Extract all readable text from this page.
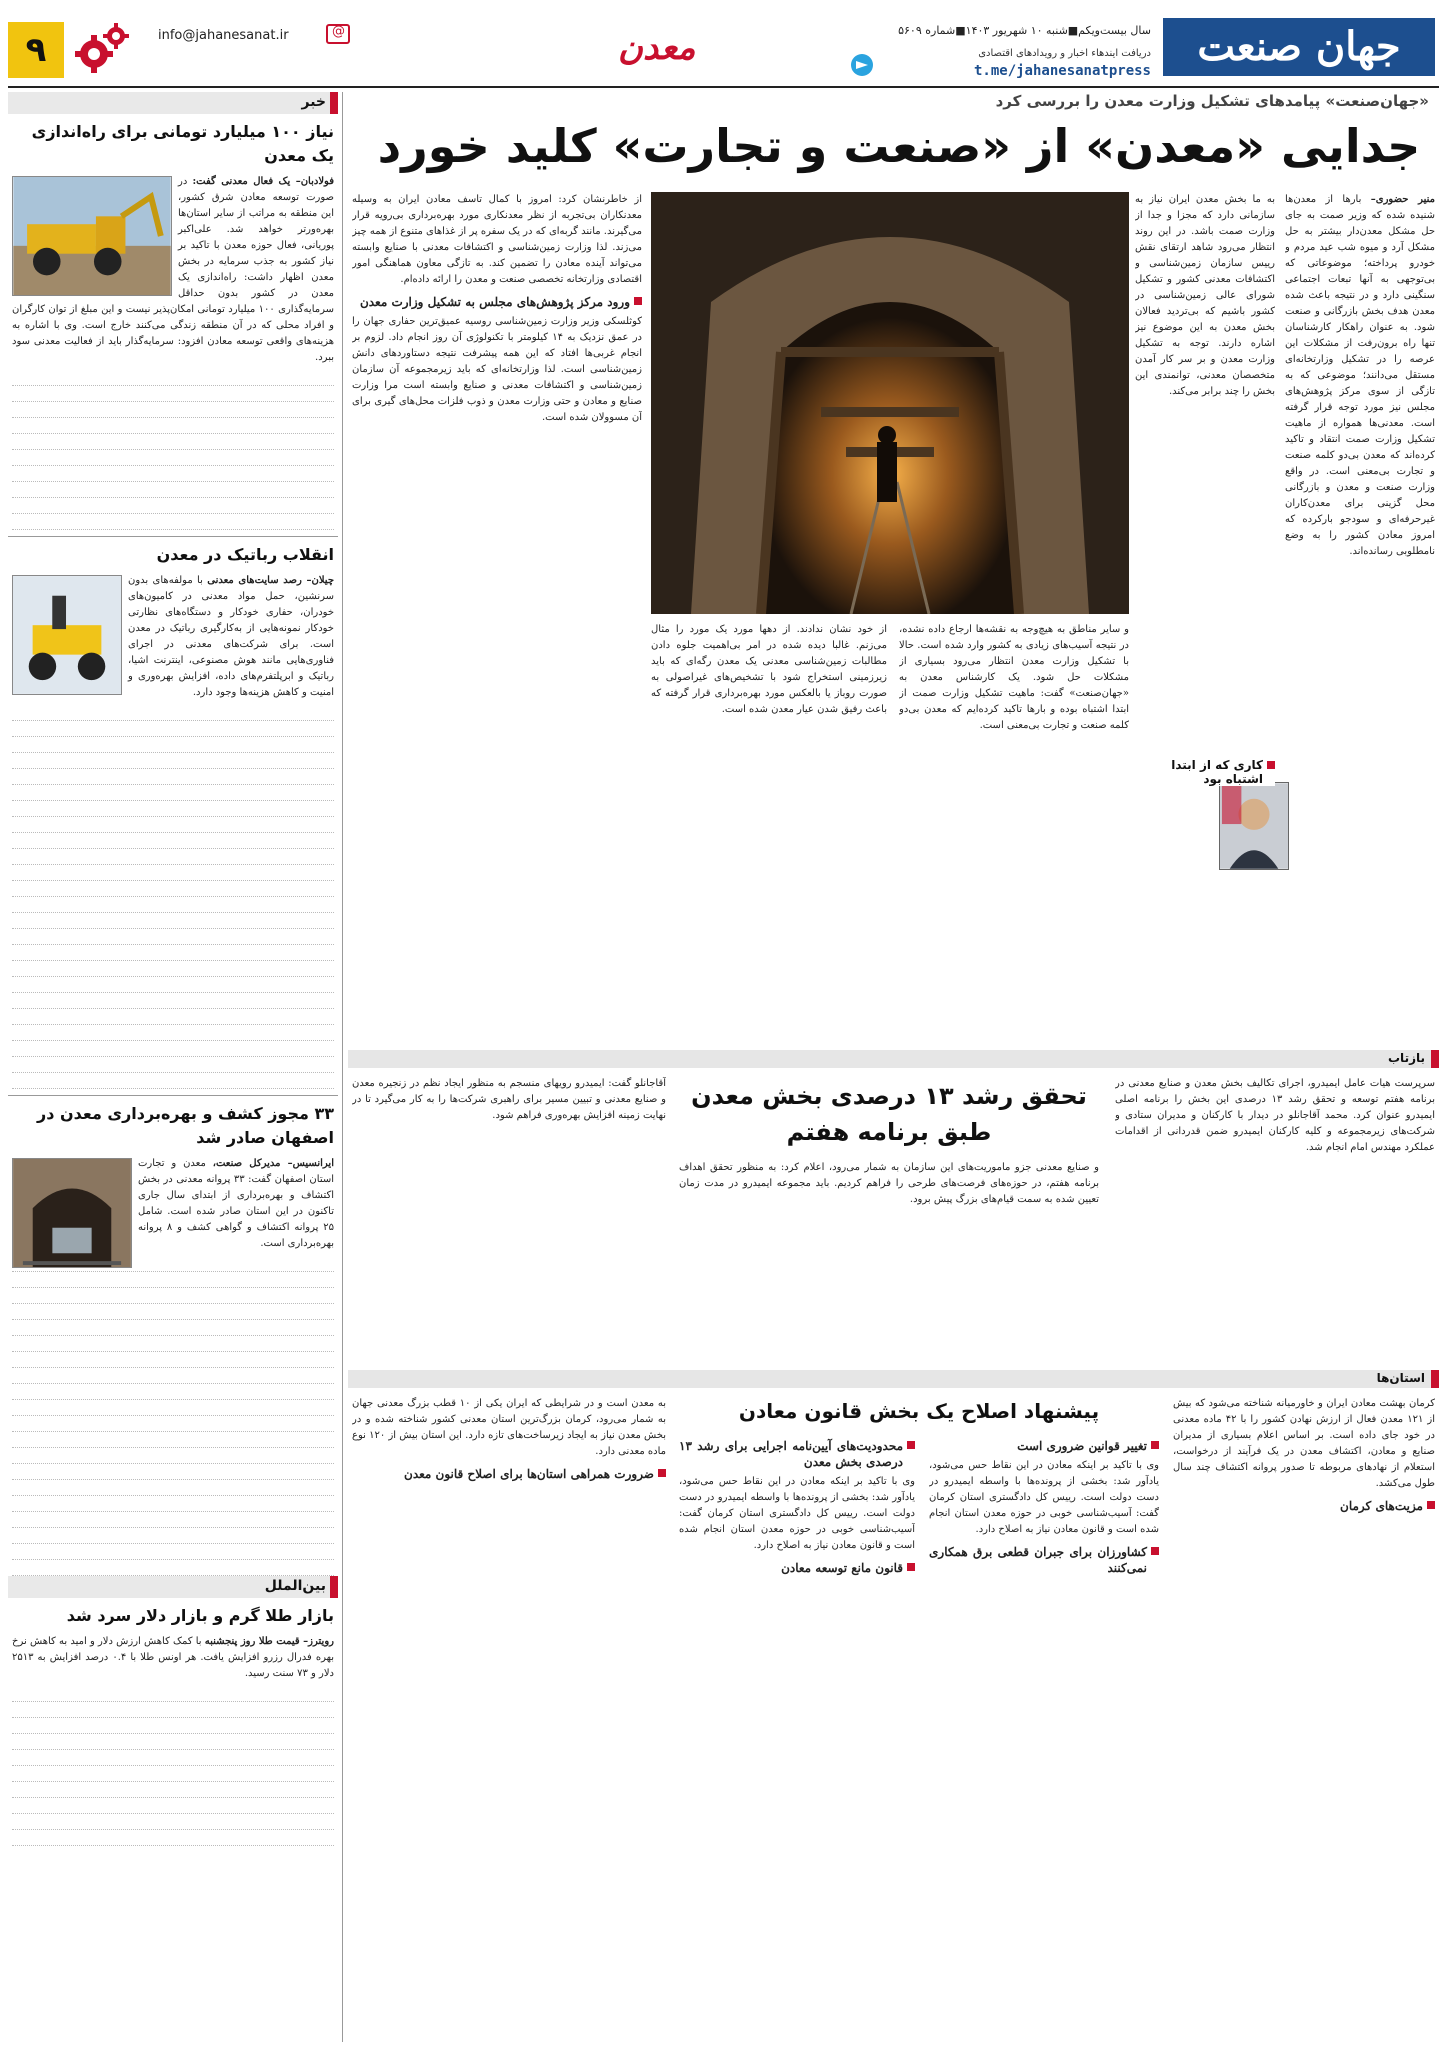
جهان صنعت
سال بیست‌ویکم■شنبه ۱۰ شهریور ۱۴۰۳■شماره ۵۶۰۹
دریافت ایندهاء اخبار و رویدادهای اقتصادی
t.me/jahanesanatpress
معدن
@
info@jahanesanat.ir
۹
خبر
نیاز ۱۰۰ میلیارد تومانی برای راه‌اندازی یک معدن
فولادبان– یک فعال معدنی گفت: در صورت توسعه معادن شرق کشور، این منطقه به مراتب از سایر استان‌ها بهره‌ورتر خواهد شد. علی‌اکبر پوریانی، فعال حوزه معدن با تاکید بر نیاز کشور به جذب سرمایه در بخش معدن اظهار داشت: راه‌اندازی یک معدن در کشور بدون حداقل سرمایه‌گذاری ۱۰۰ میلیارد تومانی امکان‌پذیر نیست و این مبلغ از توان کارگران و افراد محلی که در آن منطقه زندگی می‌کنند خارج است. وی با اشاره به هزینه‌های واقعی توسعه معادن افزود: سرمایه‌گذار باید از فعالیت معدنی سود ببرد.
انقلاب رباتیک در معدن
چیلان– رصد سایت‌های معدنی با مولفه‌های بدون سرنشین، حمل مواد معدنی در کامیون‌های خودران، حفاری خودکار و دستگاه‌های نظارتی خودکار نمونه‌هایی از به‌کارگیری رباتیک در معدن است. برای شرکت‌های معدنی در اجرای فناوری‌هایی مانند هوش مصنوعی، اینترنت اشیا، رباتیک و ابرپلتفرم‌های داده، افزایش بهره‌وری و امنیت و کاهش هزینه‌ها وجود دارد.
۳۳ مجوز کشف و بهره‌برداری معدن در اصفهان صادر شد
ایرانسیس– مدیرکل صنعت، معدن و تجارت استان اصفهان گفت: ۳۳ پروانه معدنی در بخش اکتشاف و بهره‌برداری از ابتدای سال جاری تاکنون در این استان صادر شده است. شامل ۲۵ پروانه اکتشاف و گواهی کشف و ۸ پروانه بهره‌برداری است.
بین‌الملل
بازار طلا گرم و بازار دلار سرد شد
رویترز– قیمت طلا روز پنجشنبه با کمک کاهش ارزش دلار و امید به کاهش نرخ بهره فدرال رزرو افزایش یافت. هر اونس طلا با ۰.۴ درصد افزایش به ۲۵۱۳ دلار و ۷۳ سنت رسید.
«جهان‌صنعت» پیامدهای تشکیل وزارت معدن را بررسی کرد
جدایی «معدن» از «صنعت و تجارت» کلید خورد
منیر حضوری– بارها از معدن‌ها شنیده شده که وزیر صمت به جای حل مشکل معدن‌دار بیشتر به حل مشکل آرد و میوه شب عید مردم و خودرو پرداخته؛ موضوعاتی که بی‌توجهی به آنها تبعات اجتماعی سنگینی دارد و در نتیجه باعث شده معدن هدف بخش بازرگانی و صنعت شود. به عنوان راهکار کارشناسان تنها راه برون‌رفت از مشکلات این عرصه را در تشکیل وزارتخانه‌ای مستقل می‌دانند؛ موضوعی که به تازگی از سوی مرکز پژوهش‌های مجلس نیز مورد توجه قرار گرفته است. معدنی‌ها همواره از ماهیت تشکیل وزارت صمت انتقاد و تاکید کرده‌اند که معدن بی‌دو کلمه صنعت و تجارت بی‌معنی است. در واقع وزارت صنعت و معدن و بازرگانی محل گزینی برای معدن‌کاران غیرحرفه‌ای و سودجو بارکرده که امروز معادن کشور را به وضع نامطلوبی رسانده‌اند.
به ما بخش معدن ایران نیاز به سازمانی دارد که مجزا و جدا از وزارت صمت باشد. در این روند انتظار می‌رود شاهد ارتقای نقش رییس سازمان زمین‌شناسی و اکتشافات معدنی کشور و تشکیل شورای عالی زمین‌شناسی در کشور باشیم که بی‌تردید فعالان بخش معدن به این موضوع نیز اشاره دارند. توجه به تشکیل وزارت معدن و بر سر کار آمدن متخصصان معدنی، توانمندی این بخش را چند برابر می‌کند.
و سایر مناطق به هیچ‌وجه به نقشه‌ها ارجاع داده نشده، در نتیجه آسیب‌های زیادی به کشور وارد شده است. حالا با تشکیل وزارت معدن انتظار می‌رود بسیاری از مشکلات حل شود. یک کارشناس معدن به «جهان‌صنعت» گفت: ماهیت تشکیل وزارت صمت از ابتدا اشتباه بوده و بارها تاکید کرده‌ایم که معدن بی‌دو کلمه صنعت و تجارت بی‌معنی است.
از خود نشان ندادند. از دهها مورد یک مورد را مثال می‌زنم. غالبا دیده شده در امر بی‌اهمیت جلوه دادن مطالبات زمین‌شناسی معدنی یک معدن رگه‌ای که باید زیرزمینی استخراج شود با تشخیص‌های غیراصولی به صورت روباز یا بالعکس مورد بهره‌برداری قرار گرفته که باعث رفیق شدن عیار معدن شده است.
از خاطرنشان کرد: امروز با کمال تاسف معادن ایران به وسیله معدنکاران بی‌تجربه از نظر معدنکاری مورد بهره‌برداری بی‌رویه قرار می‌گیرند. مانند گربه‌ای که در یک سفره پر از غذاهای متنوع از همه چیز می‌زند. لذا وزارت زمین‌شناسی و اکتشافات معدنی با صنایع وابسته می‌تواند آینده معادن را تضمین کند. به تازگی معاون هماهنگی امور اقتصادی وزارتخانه تخصصی صنعت و معدن را ارائه داده‌ام.
ورود مرکز پژوهش‌های مجلس به تشکیل وزارت معدن
کوثلسکی وزیر وزارت زمین‌شناسی روسیه عمیق‌ترین حفاری جهان را در عمق نزدیک به ۱۴ کیلومتر با تکنولوژی آن روز انجام داد. لزوم بر انجام غربی‌ها افتاد که این همه پیشرفت نتیجه دستاوردهای دانش زمین‌شناسی است. لذا وزارتخانه‌ای که باید زیرمجموعه آن سازمان زمین‌شناسی و اکتشافات معدنی و صنایع وابسته است مرا وزارت صنایع و معادن و حتی وزارت معدن و ذوب فلزات محل‌های گیری برای آن مسوولان شده است.
کاری که از ابتدا اشتباه بود
بازتاب
تحقق رشد ۱۳ درصدی بخش معدن طبق برنامه هفتم
سرپرست هیات عامل ایمیدرو، اجرای تکالیف بخش معدن و صنایع معدنی در برنامه هفتم توسعه و تحقق رشد ۱۳ درصدی این بخش را برنامه اصلی ایمیدرو عنوان کرد. محمد آقاجانلو در دیدار با کارکنان و مدیران ستادی و شرکت‌های زیرمجموعه و کلیه کارکنان ایمیدرو ضمن قدردانی از اقدامات عملکرد مهندس امام انجام شد.
و صنایع معدنی جزو ماموریت‌های این سازمان به شمار می‌رود، اعلام کرد: به منظور تحقق اهداف برنامه هفتم، در حوزه‌های فرصت‌های طرحی را فراهم کردیم. باید مجموعه ایمیدرو در مدت زمان تعیین شده به سمت قیام‌های بزرگ پیش برود.
آقاجانلو گفت: ایمیدرو رویهای منسجم به منظور ایجاد نظم در زنجیره معدن و صنایع معدنی و تبیین مسیر برای راهبری شرکت‌ها را به کار می‌گیرد تا در نهایت زمینه افزایش بهره‌وری فراهم شود.
استان‌ها
پیشنهاد اصلاح یک بخش قانون معادن	کرمان بهشت معادن ایران و خاورمیانه شناخته می‌شود که بیش از ۱۲۱ معدن فعال از ارزش نهادن کشور را با ۴۲ ماده معدنی در خود جای داده است. بر اساس اعلام بسیاری از مدیران صنایع و معادن، اکتشاف معدن در یک فرآیند از درخواست، استعلام از نهادهای مربوطه تا صدور پروانه اکتشاف چند سال طول می‌کشد.
مزیت‌های کرمان
تغییر قوانین ضروری است
وی با تاکید بر اینکه معادن در این نقاط حس می‌شود، یادآور شد: بخشی از پرونده‌ها با واسطه ایمیدرو در دست دولت است. رییس کل دادگستری استان کرمان گفت: آسیب‌شناسی خوبی در حوزه معدن استان انجام شده است و قانون معادن نیاز به اصلاح دارد.
کشاورزان برای جبران قطعی برق همکاری نمی‌کنند
محدودیت‌های آیین‌نامه اجرایی برای رشد ۱۳ درصدی بخش معدن
وی با تاکید بر اینکه معادن در این نقاط حس می‌شود، یادآور شد: بخشی از پرونده‌ها با واسطه ایمیدرو در دست دولت است. رییس کل دادگستری استان کرمان گفت: آسیب‌شناسی خوبی در حوزه معدن استان انجام شده است و قانون معادن نیاز به اصلاح دارد.
قانون مانع توسعه معادن
به معدن است و در شرایطی که ایران یکی از ۱۰ قطب بزرگ معدنی جهان به شمار می‌رود، کرمان بزرگ‌ترین استان معدنی کشور شناخته شده و در بخش معدن نیاز به ایجاد زیرساخت‌های تازه دارد. این استان بیش از ۱۲۰ نوع ماده معدنی دارد.
ضرورت همراهی استان‌ها برای اصلاح قانون معدن
